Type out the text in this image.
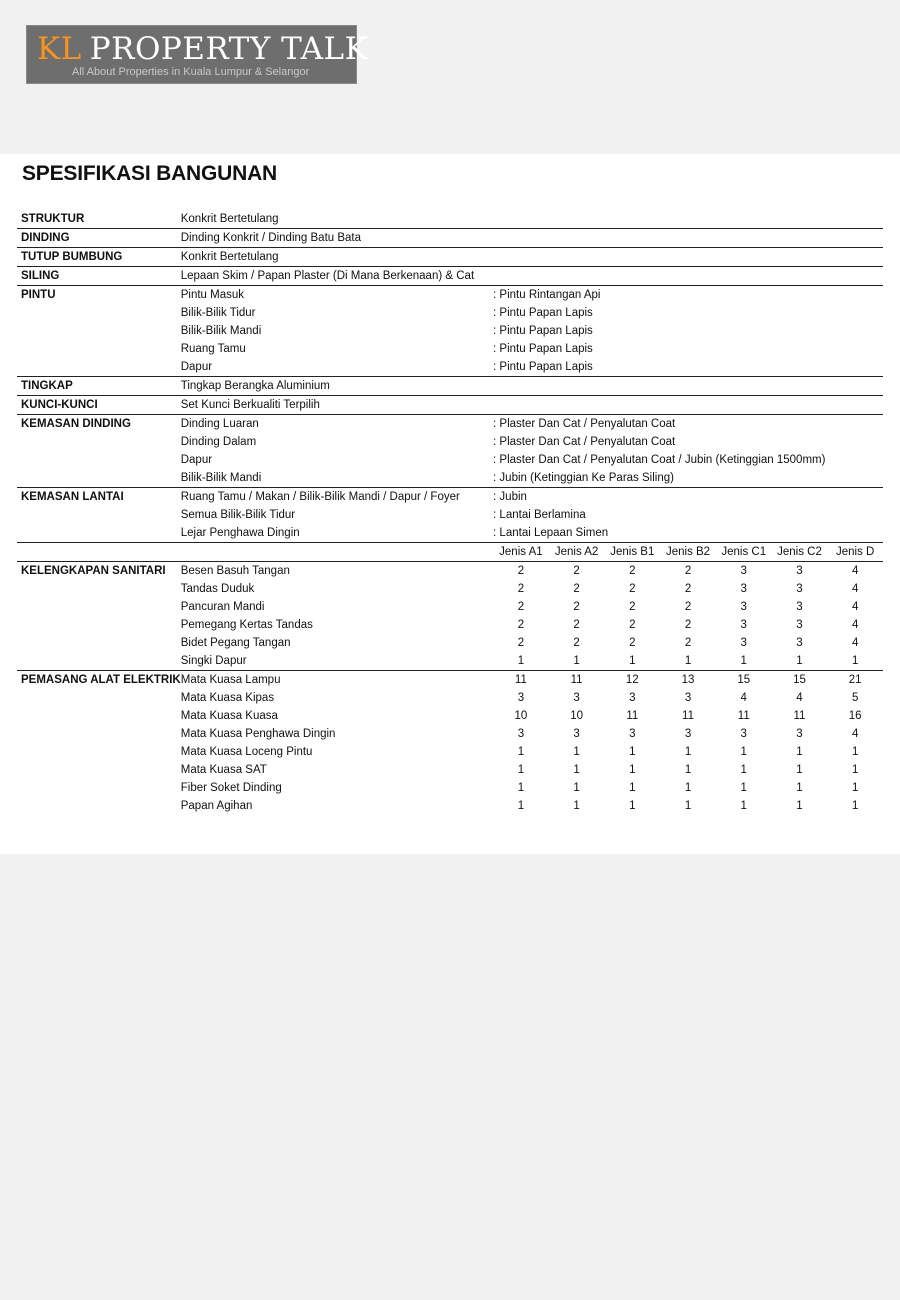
KL PROPERTY TALK
All About Properties in Kuala Lumpur & Selangor
SPESIFIKASI BANGUNAN
STRUKTUR	Konkrit Bertetulang							
DINDING	Dinding Konkrit / Dinding Batu Bata							
TUTUP BUMBUNG	Konkrit Bertetulang							
SILING	Lepaan Skim / Papan Plaster (Di Mana Berkenaan) & Cat							
PINTU	Pintu Masuk	: Pintu Rintangan Api						
	Bilik-Bilik Tidur	: Pintu Papan Lapis						
	Bilik-Bilik Mandi	: Pintu Papan Lapis						
	Ruang Tamu	: Pintu Papan Lapis						
	Dapur	: Pintu Papan Lapis						
TINGKAP	Tingkap Berangka Aluminium							
KUNCI-KUNCI	Set Kunci Berkualiti Terpilih							
KEMASAN DINDING	Dinding Luaran	: Plaster Dan Cat / Penyalutan Coat						
	Dinding Dalam	: Plaster Dan Cat / Penyalutan Coat						
	Dapur	: Plaster Dan Cat / Penyalutan Coat / Jubin (Ketinggian 1500mm)						
	Bilik-Bilik Mandi	: Jubin (Ketinggian Ke Paras Siling)						
KEMASAN LANTAI	Ruang Tamu / Makan / Bilik-Bilik Mandi / Dapur / Foyer	: Jubin						
	Semua Bilik-Bilik Tidur	: Lantai Berlamina						
	Lejar Penghawa Dingin	: Lantai Lepaan Simen						
		Jenis A1	Jenis A2	Jenis B1	Jenis B2	Jenis C1	Jenis C2	Jenis D
KELENGKAPAN SANITARI	Besen Basuh Tangan	2	2	2	2	3	3	4
	Tandas Duduk	2	2	2	2	3	3	4
	Pancuran Mandi	2	2	2	2	3	3	4
	Pemegang Kertas Tandas	2	2	2	2	3	3	4
	Bidet Pegang Tangan	2	2	2	2	3	3	4
	Singki Dapur	1	1	1	1	1	1	1
PEMASANG ALAT ELEKTRIK	Mata Kuasa Lampu	11	11	12	13	15	15	21
	Mata Kuasa Kipas	3	3	3	3	4	4	5
	Mata Kuasa Kuasa	10	10	11	11	11	11	16
	Mata Kuasa Penghawa Dingin	3	3	3	3	3	3	4
	Mata Kuasa Loceng Pintu	1	1	1	1	1	1	1
	Mata Kuasa SAT	1	1	1	1	1	1	1
	Fiber Soket Dinding	1	1	1	1	1	1	1
	Papan Agihan	1	1	1	1	1	1	1
